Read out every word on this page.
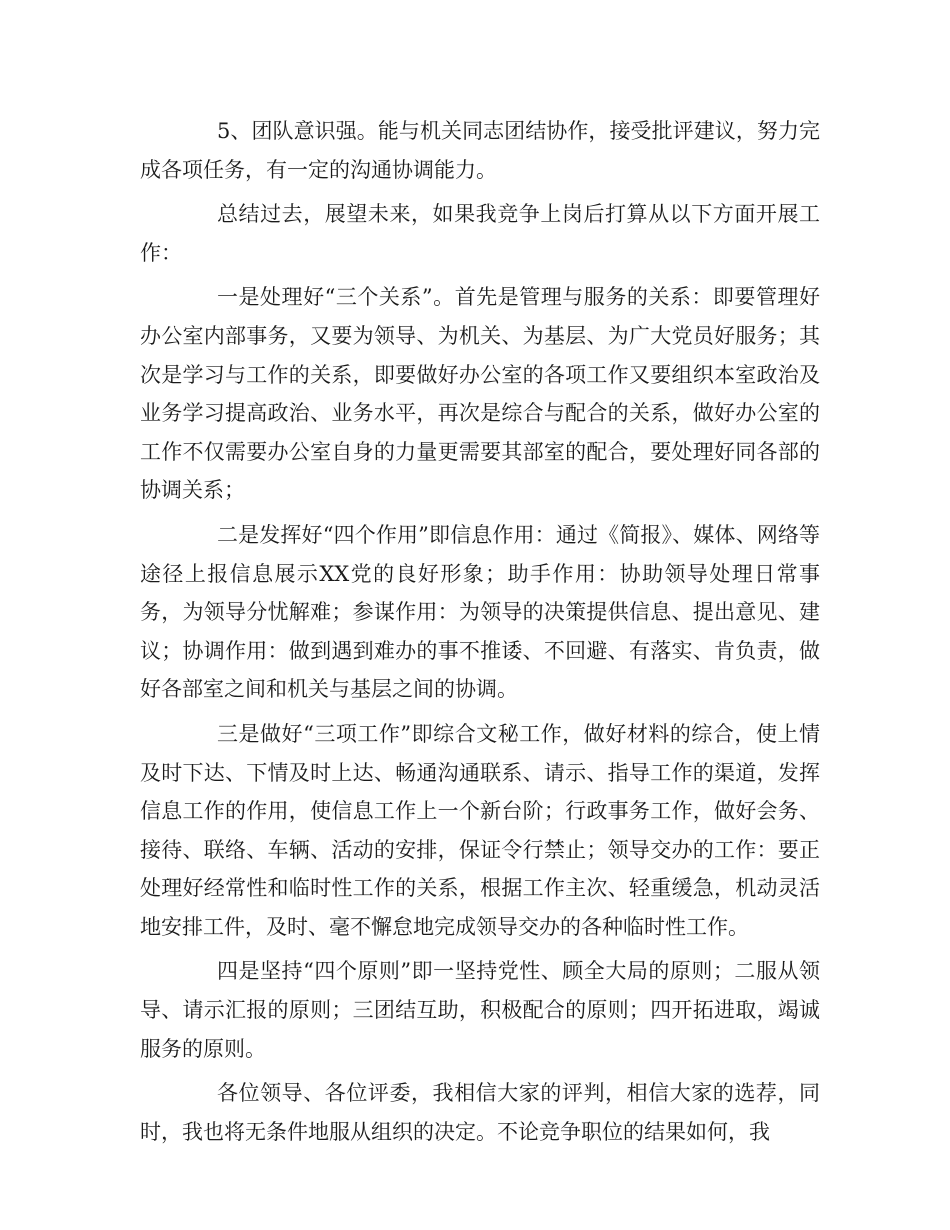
5、团队意识强。能与机关同志团结协作，接受批评建议，努力完成各项任务，有一定的沟通协调能力。

总结过去，展望未来，如果我竞争上岗后打算从以下方面开展工作：

一是处理好“三个关系”。首先是管理与服务的关系：即要管理好办公室内部事务，又要为领导、为机关、为基层、为广大党员好服务；其次是学习与工作的关系，即要做好办公室的各项工作又要组织本室政治及业务学习提高政治、业务水平，再次是综合与配合的关系，做好办公室的工作不仅需要办公室自身的力量更需要其部室的配合，要处理好同各部的协调关系；

二是发挥好“四个作用”即信息作用：通过《简报》、媒体、网络等途径上报信息展示XX党的良好形象；助手作用：协助领导处理日常事务，为领导分忧解难；参谋作用：为领导的决策提供信息、提出意见、建议；协调作用：做到遇到难办的事不推诿、不回避、有落实、肯负责，做好各部室之间和机关与基层之间的协调。

三是做好“三项工作”即综合文秘工作，做好材料的综合，使上情及时下达、下情及时上达、畅通沟通联系、请示、指导工作的渠道，发挥信息工作的作用，使信息工作上一个新台阶；行政事务工作，做好会务、接待、联络、车辆、活动的安排，保证令行禁止；领导交办的工作：要正处理好经常性和临时性工作的关系，根据工作主次、轻重缓急，机动灵活地安排工件，及时、毫不懈怠地完成领导交办的各种临时性工作。

四是坚持“四个原则”即一坚持党性、顾全大局的原则；二服从领导、请示汇报的原则；三团结互助，积极配合的原则；四开拓进取，竭诚服务的原则。

各位领导、各位评委，我相信大家的评判，相信大家的选荐，同时，我也将无条件地服从组织的决定。不论竞争职位的结果如何，我
